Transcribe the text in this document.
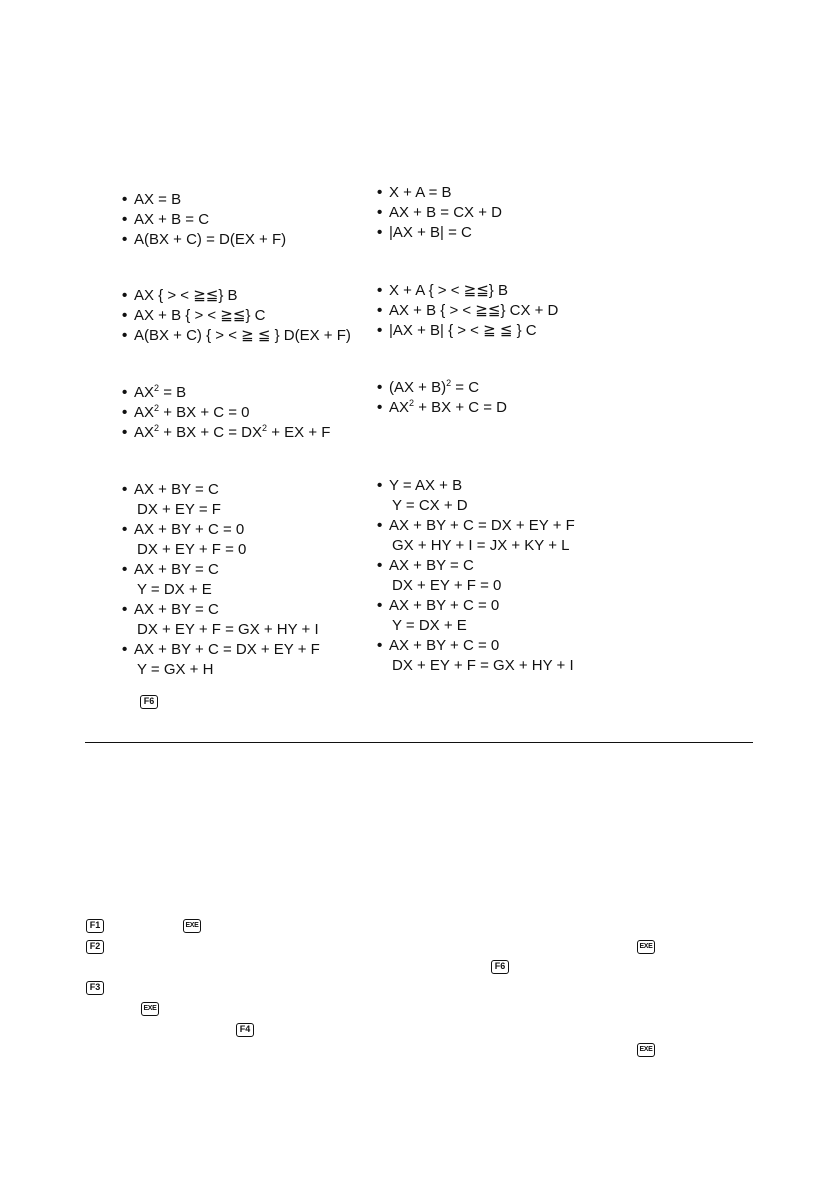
• AX = B
• AX + B = C
• A(BX + C) = D(EX + F)
• AX { > < ≧≦} B
• AX + B { > < ≧≦} C
• A(BX + C) { > < ≧ ≦ } D(EX + F)
• $AX^2 = B$
• $AX^2$ + BX + C = 0
• $AX^2$ + BX + $C = DX^2$ + EX + F
• AX + BY = C
DX + EY = F
• AX + BY + C = 0
DX + EY + F = 0
• AX + BY = C
Y = DX + E
• AX + BY = C
DX + EY + F = GX + HY + I
• AX + BY + C = DX + EY + F
Y = GX + H
• X + A = B
• AX + B = CX + D
• |AX + B| = C
• X + A { > < ≧≦} B
• AX + B { > < ≧≦} CX + D
• |AX + B| { > < ≧ ≦ } C
• (AX + B)$^2$ = C
• $AX^2$ + BX + C = D
• Y = AX + B
Y = CX + D
• AX + BY + C = DX + EY + F
GX + HY + I = JX + KY + L
• AX + BY = C
DX + EY + F = 0
• AX + BY + C = 0
Y = DX + E
• AX + BY + C = 0
DX + EY + F = GX + HY + I
F6
F1	EXE
F2	EXE
F6
F3
EXE
F4
EXE
